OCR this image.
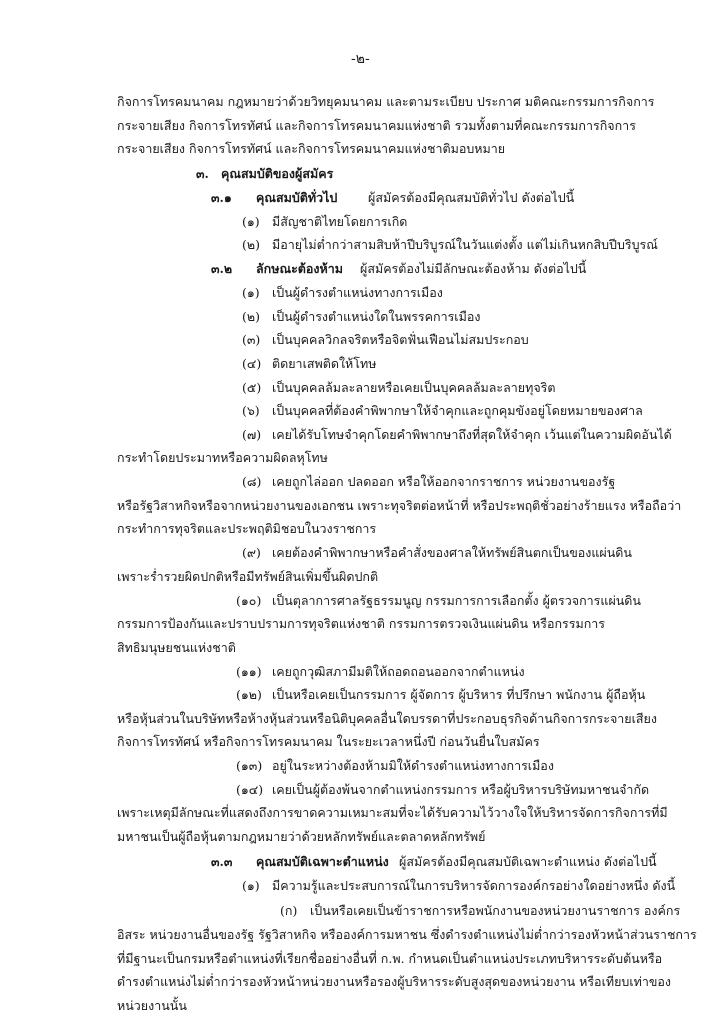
-๒-
กิจการโทรคมนาคม กฎหมายว่าด้วยวิทยุคมนาคม และตามระเบียบ ประกาศ มติคณะกรรมการกิจการ
กระจายเสียง กิจการโทรทัศน์ และกิจการโทรคมนาคมแห่งชาติ รวมทั้งตามที่คณะกรรมการกิจการ
กระจายเสียง กิจการโทรทัศน์ และกิจการโทรคมนาคมแห่งชาติมอบหมาย
๓. คุณสมบัติของผู้สมัคร
๓.๑ คุณสมบัติทั่วไป ผู้สมัครต้องมีคุณสมบัติทั่วไป ดังต่อไปนี้
(๑) มีสัญชาติไทยโดยการเกิด
(๒) มีอายุไม่ต่ำกว่าสามสิบห้าปีบริบูรณ์ในวันแต่งตั้ง แต่ไม่เกินหกสิบปีบริบูรณ์
๓.๒ ลักษณะต้องห้าม ผู้สมัครต้องไม่มีลักษณะต้องห้าม ดังต่อไปนี้
(๑) เป็นผู้ดำรงตำแหน่งทางการเมือง
(๒) เป็นผู้ดำรงตำแหน่งใดในพรรคการเมือง
(๓) เป็นบุคคลวิกลจริตหรือจิตฟั่นเฟือนไม่สมประกอบ
(๔) ติดยาเสพติดให้โทษ
(๕) เป็นบุคคลล้มละลายหรือเคยเป็นบุคคลล้มละลายทุจริต
(๖) เป็นบุคคลที่ต้องคำพิพากษาให้จำคุกและถูกคุมขังอยู่โดยหมายของศาล
(๗) เคยได้รับโทษจำคุกโดยคำพิพากษาถึงที่สุดให้จำคุก เว้นแต่ในความผิดอันได้
กระทำโดยประมาทหรือความผิดลหุโทษ
(๘) เคยถูกไล่ออก ปลดออก หรือให้ออกจากราชการ หน่วยงานของรัฐ
หรือรัฐวิสาหกิจหรือจากหน่วยงานของเอกชน เพราะทุจริตต่อหน้าที่ หรือประพฤติชั่วอย่างร้ายแรง หรือถือว่า
กระทำการทุจริตและประพฤติมิชอบในวงราชการ
(๙) เคยต้องคำพิพากษาหรือคำสั่งของศาลให้ทรัพย์สินตกเป็นของแผ่นดิน
เพราะร่ำรวยผิดปกติหรือมีทรัพย์สินเพิ่มขึ้นผิดปกติ
(๑๐) เป็นตุลาการศาลรัฐธรรมนูญ กรรมการการเลือกตั้ง ผู้ตรวจการแผ่นดิน
กรรมการป้องกันและปราบปรามการทุจริตแห่งชาติ กรรมการตรวจเงินแผ่นดิน หรือกรรมการ
สิทธิมนุษยชนแห่งชาติ
(๑๑) เคยถูกวุฒิสภามีมติให้ถอดถอนออกจากตำแหน่ง
(๑๒) เป็นหรือเคยเป็นกรรมการ ผู้จัดการ ผู้บริหาร ที่ปรึกษา พนักงาน ผู้ถือหุ้น
หรือหุ้นส่วนในบริษัทหรือห้างหุ้นส่วนหรือนิติบุคคลอื่นใดบรรดาที่ประกอบธุรกิจด้านกิจการกระจายเสียง
กิจการโทรทัศน์ หรือกิจการโทรคมนาคม ในระยะเวลาหนึ่งปี ก่อนวันยื่นใบสมัคร
(๑๓) อยู่ในระหว่างต้องห้ามมิให้ดำรงตำแหน่งทางการเมือง
(๑๔) เคยเป็นผู้ต้องพ้นจากตำแหน่งกรรมการ หรือผู้บริหารบริษัทมหาชนจำกัด
เพราะเหตุมีลักษณะที่แสดงถึงการขาดความเหมาะสมที่จะได้รับความไว้วางใจให้บริหารจัดการกิจการที่มี
มหาชนเป็นผู้ถือหุ้นตามกฎหมายว่าด้วยหลักทรัพย์และตลาดหลักทรัพย์
๓.๓ คุณสมบัติเฉพาะตำแหน่ง ผู้สมัครต้องมีคุณสมบัติเฉพาะตำแหน่ง ดังต่อไปนี้
(๑) มีความรู้และประสบการณ์ในการบริหารจัดการองค์กรอย่างใดอย่างหนึ่ง ดังนี้
(ก) เป็นหรือเคยเป็นข้าราชการหรือพนักงานของหน่วยงานราชการ องค์กร
อิสระ หน่วยงานอื่นของรัฐ รัฐวิสาหกิจ หรือองค์การมหาชน ซึ่งดำรงตำแหน่งไม่ต่ำกว่ารองหัวหน้าส่วนราชการ
ที่มีฐานะเป็นกรมหรือตำแหน่งที่เรียกชื่ออย่างอื่นที่ ก.พ. กำหนดเป็นตำแหน่งประเภทบริหารระดับต้นหรือ
ดำรงตำแหน่งไม่ต่ำกว่ารองหัวหน้าหน่วยงานหรือรองผู้บริหารระดับสูงสุดของหน่วยงาน หรือเทียบเท่าของ
หน่วยงานนั้น
